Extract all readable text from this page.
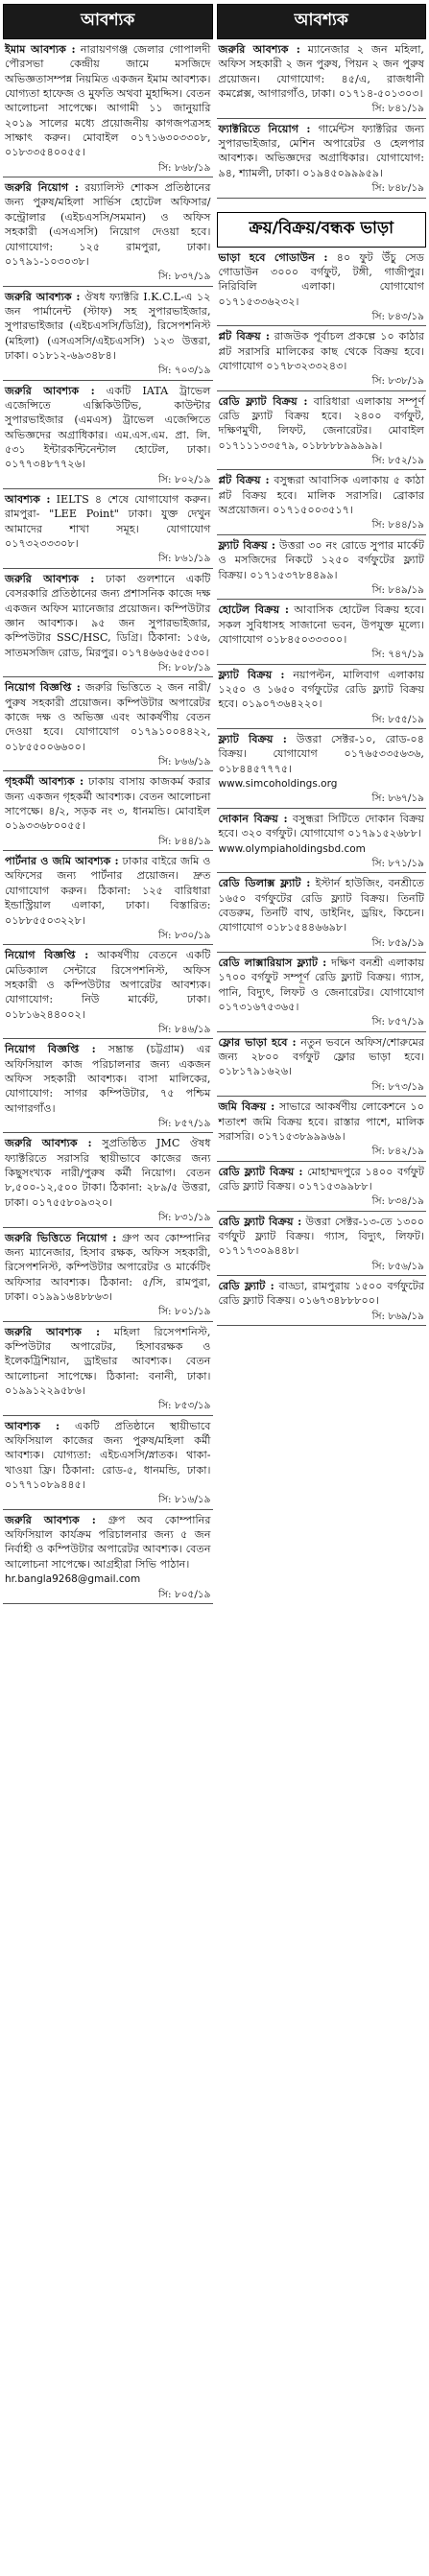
আবশ্যক
ইমাম আবশ্যক : নারায়ণগঞ্জ জেলার গোপালদী পৌরসভা কেন্দ্রীয় জামে মসজিদে অভিজ্ঞতাসম্পন্ন নিয়মিত একজন ইমাম আবশ্যক। যোগ্যতা হাফেজ ও মুফতি অথবা মুহাদ্দিস। বেতন আলোচনা সাপেক্ষে। আগামী ১১ জানুয়ারি ২০১৯ সালের মধ্যে প্রয়োজনীয় কাগজপত্রসহ সাক্ষাৎ করুন। মোবাইল ০১৭১৬৩০৩৩০৮, ০১৮৩৩৫৪০০৫৫।
সি: ৮৬৮/১৯
জরুরি নিয়োগ : রয়্যালিস্ট শোকস প্রতিষ্ঠানের জন্য পুরুষ/মহিলা সার্ভিস হোটেল অফিসার/কন্ট্রোলার (এইচএসসি/সমমান) ও অফিস সহকারী (এসএসসি) নিয়োগ দেওয়া হবে। যোগাযোগ: ১২৫ রামপুরা, ঢাকা। ০১৭৯১-১০৩০৩৮।
সি: ৮৩৭/১৯
জরুরি আবশ্যক : ঔষধ ফ্যাক্টরি I.K.C.L-এ ১২ জন পার্মানেন্ট (স্টাফ) সহ সুপারভাইজার, সুপারভাইজার (এইচএসসি/ডিগ্রি), রিসেপশনিস্ট (মহিলা) (এসএসসি/এইচএসসি) ১২৩ উত্তরা, ঢাকা। ০১৮১২-৬৯৩৪৮৪।
সি: ৭০৩/১৯
জরুরি আবশ্যক : একটি IATA ট্রাভেল এজেন্সিতে এক্সিকিউটিভ, কাউন্টার সুপারভাইজার (এমএস) ট্রাভেল এজেন্সিতে অভিজ্ঞদের অগ্রাধিকার। এম.এস.এম. প্রা. লি. ৫৩১ ইন্টারকন্টিনেন্টাল হোটেল, ঢাকা। ০১৭৭৩৪৮৭৭২৬।
সি: ৮০২/১৯
আবশ্যক : IELTS ৪ শেষে যোগাযোগ করুন। রামপুরা- "LEE Point" ঢাকা। যুক্ত দেখুন আমাদের শাখা সমূহ। যোগাযোগ ০১৭৩২৩৩৩০৮।
সি: ৮৬১/১৯
জরুরি আবশ্যক : ঢাকা গুলশানে একটি বেসরকারি প্রতিষ্ঠানের জন্য প্রশাসনিক কাজে দক্ষ একজন অফিস ম্যানেজার প্রয়োজন। কম্পিউটার জ্ঞান আবশ্যক। ৯৫ জন সুপারভাইজার, কম্পিউটার SSC/HSC, ডিগ্রি। ঠিকানা: ১৫৬, সাতমসজিদ রোড, মিরপুর। ০১৭৪৬৬৫৬৫৫৩০।
সি: ৮০৮/১৯
নিয়োগ বিজ্ঞপ্তি : জরুরি ভিত্তিতে ২ জন নারী/পুরুষ সহকারী প্রয়োজন। কম্পিউটার অপারেটর কাজে দক্ষ ও অভিজ্ঞ এবং আকর্ষণীয় বেতন দেওয়া হবে। যোগাযোগ ০১৭৯১০০৪৪২২, ০১৮৫৫০০৬৬০০।
সি: ৮৬৬/১৯
গৃহকর্মী আবশ্যক : ঢাকায় বাসায় কাজকর্ম করার জন্য একজন গৃহকর্মী আবশ্যক। বেতন আলোচনা সাপেক্ষে। ৪/২, সড়ক নং ৩, ধানমন্ডি। মোবাইল ০১৯৩৩৬৮০০৫৫।
সি: ৮৪৪/১৯
পার্টনার ও জমি আবশ্যক : ঢাকার বাইরে জমি ও অফিসের জন্য পার্টনার প্রয়োজন। দ্রুত যোগাযোগ করুন। ঠিকানা: ১২৫ বারিধারা ইন্ডাস্ট্রিয়াল এলাকা, ঢাকা। বিস্তারিত: ০১৮৮৫৫০৩২২৮।
সি: ৮৩০/১৯
নিয়োগ বিজ্ঞপ্তি : আকর্ষণীয় বেতনে একটি মেডিক্যাল সেন্টারে রিসেপশনিস্ট, অফিস সহকারী ও কম্পিউটার অপারেটর আবশ্যক। যোগাযোগ: নিউ মার্কেট, ঢাকা। ০১৮১৬২৪৪০০২।
সি: ৮৪৬/১৯
নিয়োগ বিজ্ঞপ্তি : সম্ভ্রান্ত (চট্টগ্রাম) এর অফিসিয়াল কাজ পরিচালনার জন্য একজন অফিস সহকারী আবশ্যক। বাসা মালিকের, যোগাযোগ: সাগর কম্পিউটার, ৭৫ পশ্চিম আগারগাঁও।
সি: ৮৫৭/১৯
জরুরি আবশ্যক : সুপ্রতিষ্ঠিত JMC ঔষধ ফ্যাক্টরিতে সরাসরি স্থায়ীভাবে কাজের জন্য কিছুসংখ্যক নারী/পুরুষ কর্মী নিয়োগ। বেতন ৮,৫০০-১২,৫০০ টাকা। ঠিকানা: ২৮৯/৫ উত্তরা, ঢাকা। ০১৭৫৫৮০৯৩২০।
সি: ৮৩১/১৯
জরুরি ভিত্তিতে নিয়োগ : গ্রুপ অব কোম্পানির জন্য ম্যানেজার, হিসাব রক্ষক, অফিস সহকারী, রিসেপশনিস্ট, কম্পিউটার অপারেটর ও মার্কেটিং অফিসার আবশ্যক। ঠিকানা: ৫/সি, রামপুরা, ঢাকা। ০১৯৯১৬৪৮৮৬৩।
সি: ৮০১/১৯
জরুরি আবশ্যক : মহিলা রিসেপশনিস্ট, কম্পিউটার অপারেটর, হিসাবরক্ষক ও ইলেকট্রিশিয়ান, ড্রাইভার আবশ্যক। বেতন আলোচনা সাপেক্ষে। ঠিকানা: বনানী, ঢাকা। ০১৯৯১২২৯৫৮৬।
সি: ৮৫৩/১৯
আবশ্যক : একটি প্রতিষ্ঠানে স্থায়ীভাবে অফিসিয়াল কাজের জন্য পুরুষ/মহিলা কর্মী আবশ্যক। যোগ্যতা: এইচএসসি/স্নাতক। থাকা-খাওয়া ফ্রি। ঠিকানা: রোড-৫, ধানমন্ডি, ঢাকা। ০১৭৭১০৮৯৪৪৫।
সি: ৮১৬/১৯
জরুরি আবশ্যক : গ্রুপ অব কোম্পানির অফিসিয়াল কার্যক্রম পরিচালনার জন্য ৫ জন নির্বাহী ও কম্পিউটার অপারেটর আবশ্যক। বেতন আলোচনা সাপেক্ষে। আগ্রহীরা সিভি পাঠান।
hr.bangla9268@gmail.com
সি: ৮০৫/১৯
আবশ্যক
জরুরি আবশ্যক : ম্যানেজার ২ জন মহিলা, অফিস সহকারী ২ জন পুরুষ, পিয়ন ২ জন পুরুষ প্রয়োজন। যোগাযোগ: ৪৫/এ, রাজধানী কমপ্লেক্স, আগারগাঁও, ঢাকা। ০১৭১৪-৫০১৩০৩।
সি: ৮৪১/১৯
ফ্যাক্টরিতে নিয়োগ : গার্মেন্টস ফ্যাক্টরির জন্য সুপারভাইজার, মেশিন অপারেটর ও হেলপার আবশ্যক। অভিজ্ঞদের অগ্রাধিকার। যোগাযোগ: ৯৪, শ্যামলী, ঢাকা। ০১৯৪৫০৯৯৯৫৯।
সি: ৮৪৮/১৯
ক্রয়/বিক্রয়/বন্ধক ভাড়া
ভাড়া হবে গোডাউন : ৪০ ফুট উঁচু সেড গোডাউন ৩০০০ বর্গফুট, টঙ্গী, গাজীপুর। নিরিবিলি এলাকা। যোগাযোগ ০১৭১৫৩৩৬২৩২।
সি: ৮৪৩/১৯
প্লট বিক্রয় : রাজউক পূর্বাচল প্রকল্পে ১০ কাঠার প্লট সরাসরি মালিকের কাছ থেকে বিক্রয় হবে। যোগাযোগ ০১৭৮৩২৩৩২৪৩।
সি: ৮৩৮/১৯
রেডি ফ্ল্যাট বিক্রয় : বারিধারা এলাকায় সম্পূর্ণ রেডি ফ্ল্যাট বিক্রয় হবে। ২৪০০ বর্গফুট, দক্ষিণমুখী, লিফট, জেনারেটর। মোবাইল ০১৭১১১৩৩৫৭৯, ০১৮৮৮৮৯৯৯৯৯।
সি: ৮৫২/১৯
প্লট বিক্রয় : বসুন্ধরা আবাসিক এলাকায় ৫ কাঠা প্লট বিক্রয় হবে। মালিক সরাসরি। ব্রোকার অপ্রয়োজন। ০১৭১৫০০৩৫১৭।
সি: ৮৪৪/১৯
ফ্ল্যাট বিক্রয় : উত্তরা ৩০ নং রোডে সুপার মার্কেট ও মসজিদের নিকটে ১২৫০ বর্গফুটের ফ্ল্যাট বিক্রয়। ০১৭১৫৩৭৮৪৪৯৯।
সি: ৮৪৯/১৯
হোটেল বিক্রয় : আবাসিক হোটেল বিক্রয় হবে। সকল সুবিধাসহ সাজানো ভবন, উপযুক্ত মূল্যে। যোগাযোগ ০১৮৪৫০৩৩৩০০।
সি: ৭৪৭/১৯
ফ্ল্যাট বিক্রয় : নয়াপল্টন, মালিবাগ এলাকায় ১২৫০ ও ১৬৫০ বর্গফুটের রেডি ফ্ল্যাট বিক্রয় হবে। ০১৯০৭৩৬৪২২০।
সি: ৮৫৫/১৯
ফ্ল্যাট বিক্রয় : উত্তরা সেক্টর-১০, রোড-০৪ বিক্রয়। যোগাযোগ ০১৭৬৫৩৩৫৬৩৬, ০১৮৪৪৫৭৭৭৫।
www.simcoholdings.org
সি: ৮৬৭/১৯
দোকান বিক্রয় : বসুন্ধরা সিটিতে দোকান বিক্রয় হবে। ৩২০ বর্গফুট। যোগাযোগ ০১৭৯১৫২৬৮৮।
www.olympiaholdingsbd.com
সি: ৮৭১/১৯
রেডি ডিলাক্স ফ্ল্যাট : ইস্টার্ন হাউজিং, বনশ্রীতে ১৬৫০ বর্গফুটের রেডি ফ্ল্যাট বিক্রয়। তিনটি বেডরুম, তিনটি বাথ, ডাইনিং, ড্রয়িং, কিচেন। যোগাযোগ ০১৮১৫৪৪৬৬৯৮।
সি: ৮৫৯/১৯
রেডি লাক্সারিয়াস ফ্ল্যাট : দক্ষিণ বনশ্রী এলাকায় ১৭০০ বর্গফুট সম্পূর্ণ রেডি ফ্ল্যাট বিক্রয়। গ্যাস, পানি, বিদ্যুৎ, লিফট ও জেনারেটর। যোগাযোগ ০১৭৩১৬৭৫৩৬৫।
সি: ৮৫৭/১৯
ফ্লোর ভাড়া হবে : নতুন ভবনে অফিস/শোরুমের জন্য ২৮০০ বর্গফুট ফ্লোর ভাড়া হবে। ০১৮১৭৯১৬২৬।
সি: ৮৭৩/১৯
জমি বিক্রয় : সাভারে আকর্ষণীয় লোকেশনে ১০ শতাংশ জমি বিক্রয় হবে। রাস্তার পাশে, মালিক সরাসরি। ০১৭১৫৩৮৯৯৯৬৯।
সি: ৮৪২/১৯
রেডি ফ্ল্যাট বিক্রয় : মোহাম্মদপুরে ১৪০০ বর্গফুট রেডি ফ্ল্যাট বিক্রয়। ০১৭১৫৩৯৯৮৮।
সি: ৮৩৪/১৯
রেডি ফ্ল্যাট বিক্রয় : উত্তরা সেক্টর-১৩-তে ১৩০০ বর্গফুট ফ্ল্যাট বিক্রয়। গ্যাস, বিদ্যুৎ, লিফট। ০১৭১৭৩০৯৪৪৮।
সি: ৮৫৬/১৯
রেডি ফ্ল্যাট : বাড্ডা, রামপুরায় ১৫০০ বর্গফুটের রেডি ফ্ল্যাট বিক্রয়। ০১৬৭৩৪৮৮৮০০।
সি: ৮৬৯/১৯
